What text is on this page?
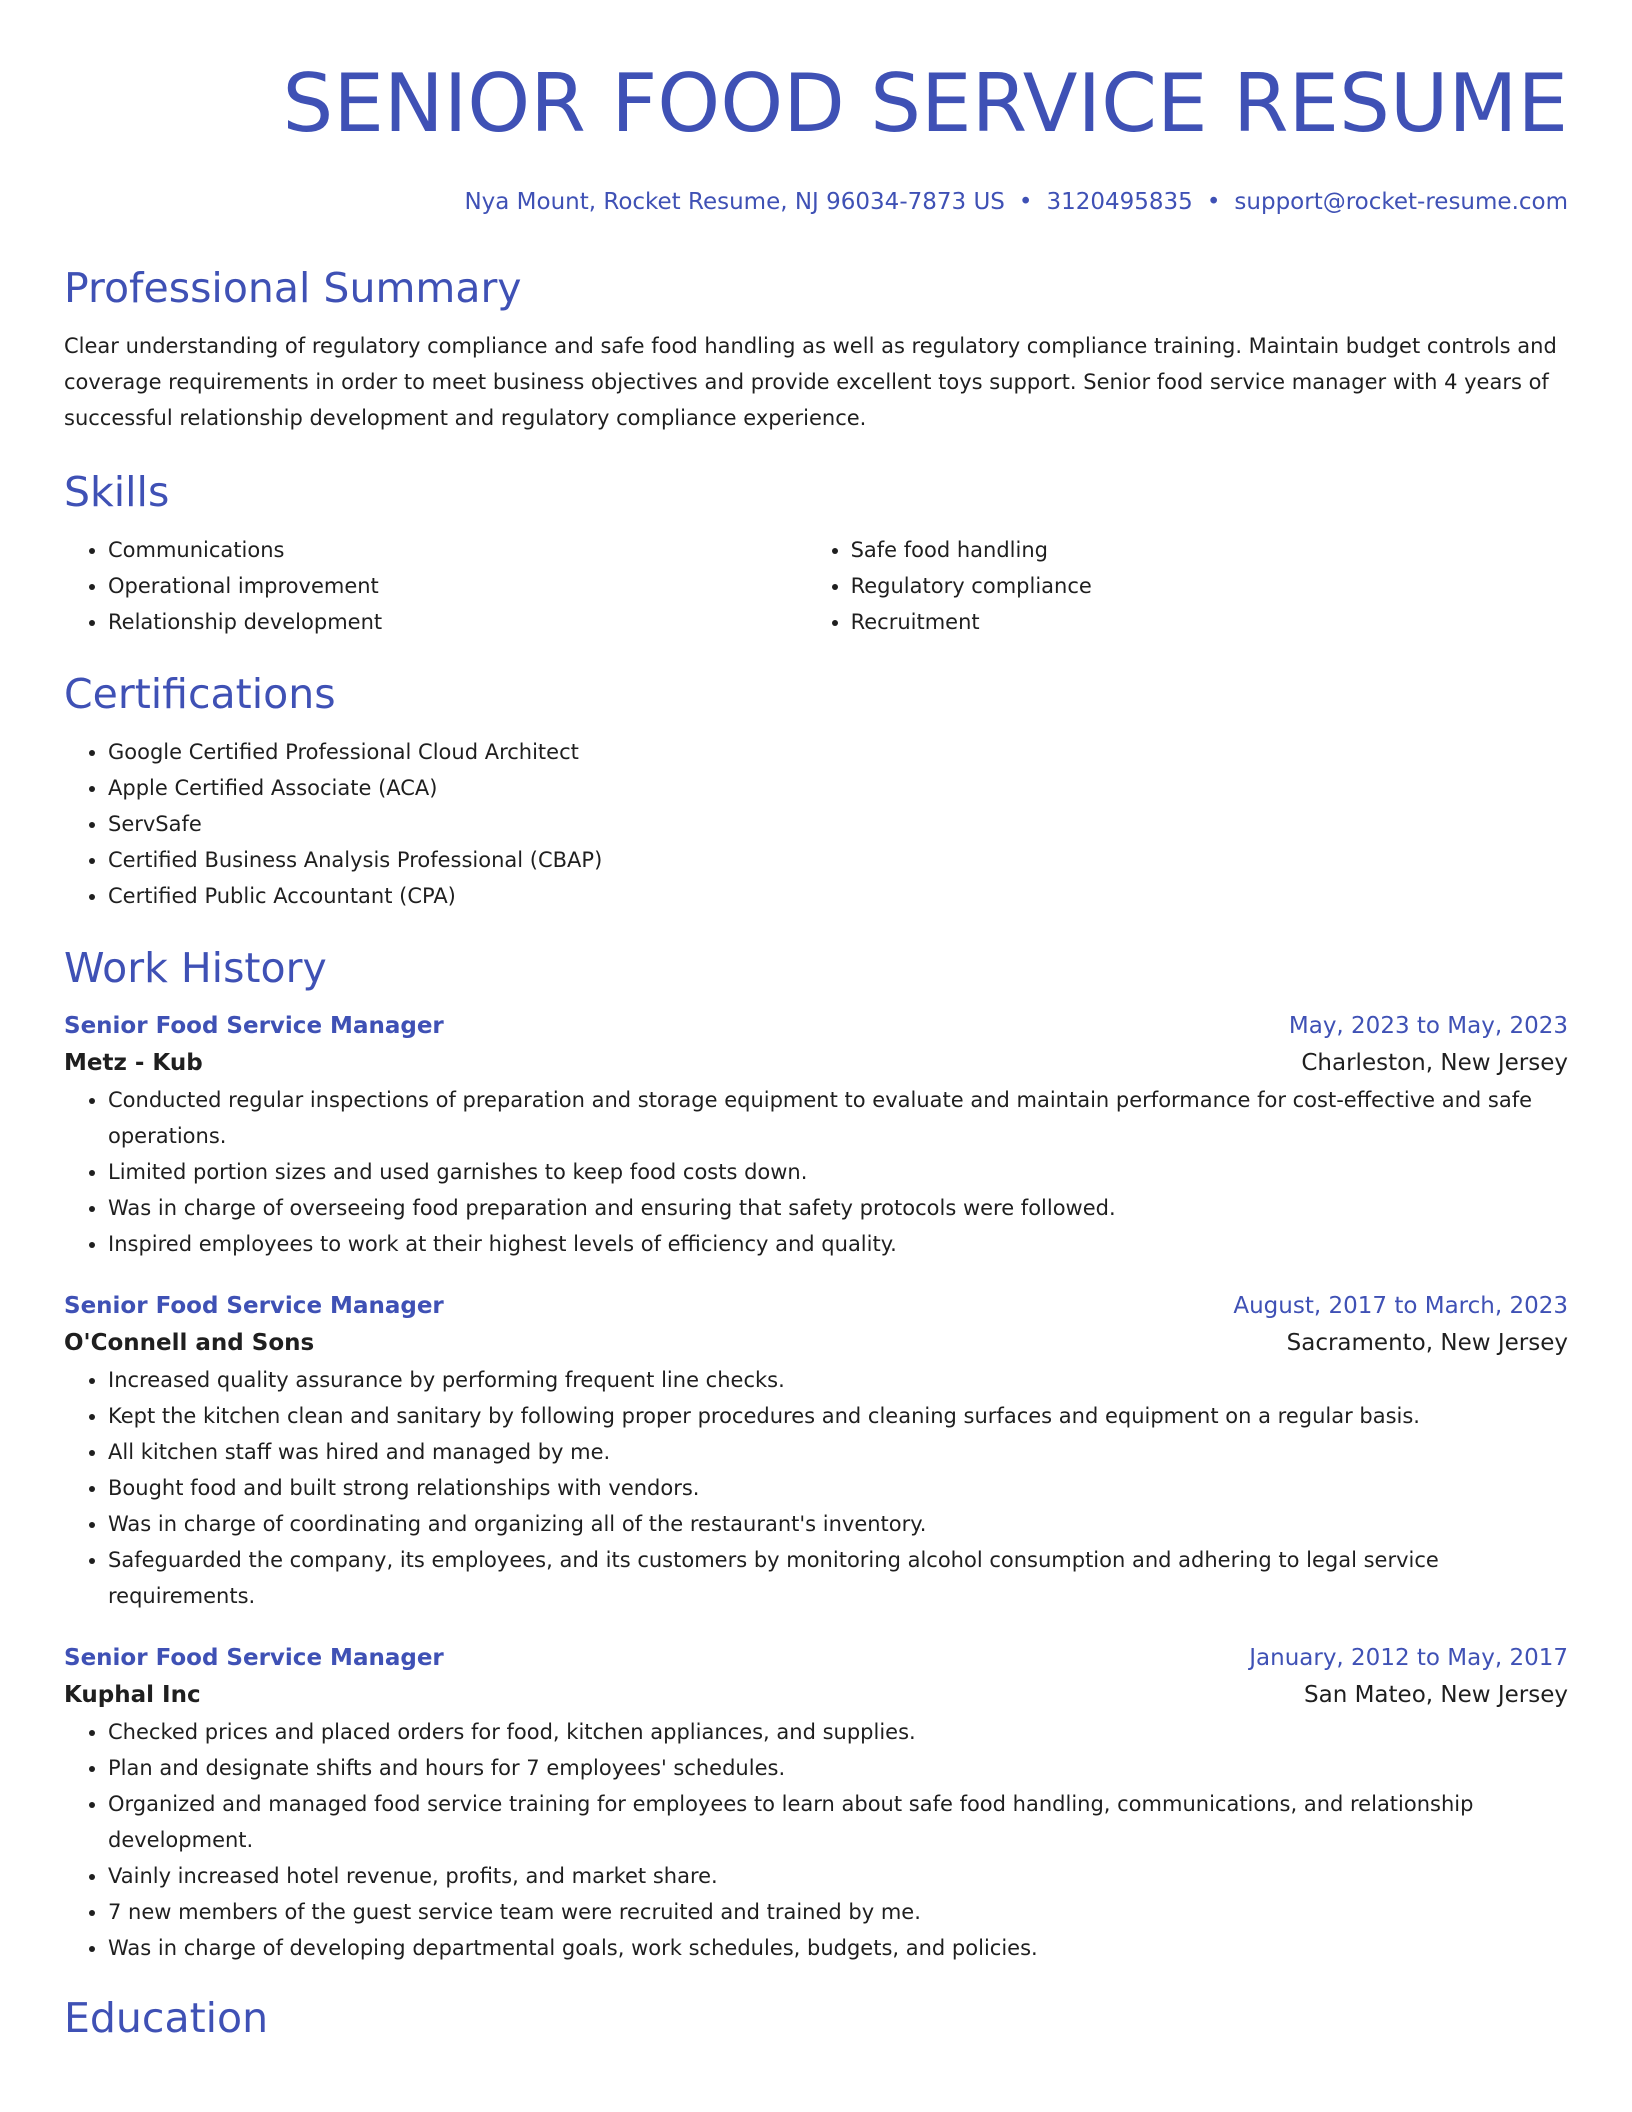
SENIOR FOOD SERVICE RESUME
Nya Mount, Rocket Resume, NJ 96034-7873 US • 3120495835 • support@rocket-resume.com
Professional Summary

Clear understanding of regulatory compliance and safe food handling as well as regulatory compliance training. Maintain budget controls and coverage requirements in order to meet business objectives and provide excellent toys support. Senior food service manager with 4 years of successful relationship development and regulatory compliance experience.

Skills
• Communications
• Operational improvement
• Relationship development
• Safe food handling
• Regulatory compliance
• Recruitment
Certifications
• Google Certified Professional Cloud Architect
• Apple Certified Associate (ACA)
• ServSafe
• Certified Business Analysis Professional (CBAP)
• Certified Public Accountant (CPA)
Work History
Senior Food Service Manager	May, 2023 to May, 2023
Metz - Kub	Charleston, New Jersey
• Conducted regular inspections of preparation and storage equipment to evaluate and maintain performance for cost-effective and safe operations.
• Limited portion sizes and used garnishes to keep food costs down.
• Was in charge of overseeing food preparation and ensuring that safety protocols were followed.
• Inspired employees to work at their highest levels of efficiency and quality.
Senior Food Service Manager	August, 2017 to March, 2023
O'Connell and Sons	Sacramento, New Jersey
• Increased quality assurance by performing frequent line checks.
• Kept the kitchen clean and sanitary by following proper procedures and cleaning surfaces and equipment on a regular basis.
• All kitchen staff was hired and managed by me.
• Bought food and built strong relationships with vendors.
• Was in charge of coordinating and organizing all of the restaurant's inventory.
• Safeguarded the company, its employees, and its customers by monitoring alcohol consumption and adhering to legal service requirements.
Senior Food Service Manager	January, 2012 to May, 2017
Kuphal Inc	San Mateo, New Jersey
• Checked prices and placed orders for food, kitchen appliances, and supplies.
• Plan and designate shifts and hours for 7 employees' schedules.
• Organized and managed food service training for employees to learn about safe food handling, communications, and relationship development.
• Vainly increased hotel revenue, profits, and market share.
• 7 new members of the guest service team were recruited and trained by me.
• Was in charge of developing departmental goals, work schedules, budgets, and policies.
Education
